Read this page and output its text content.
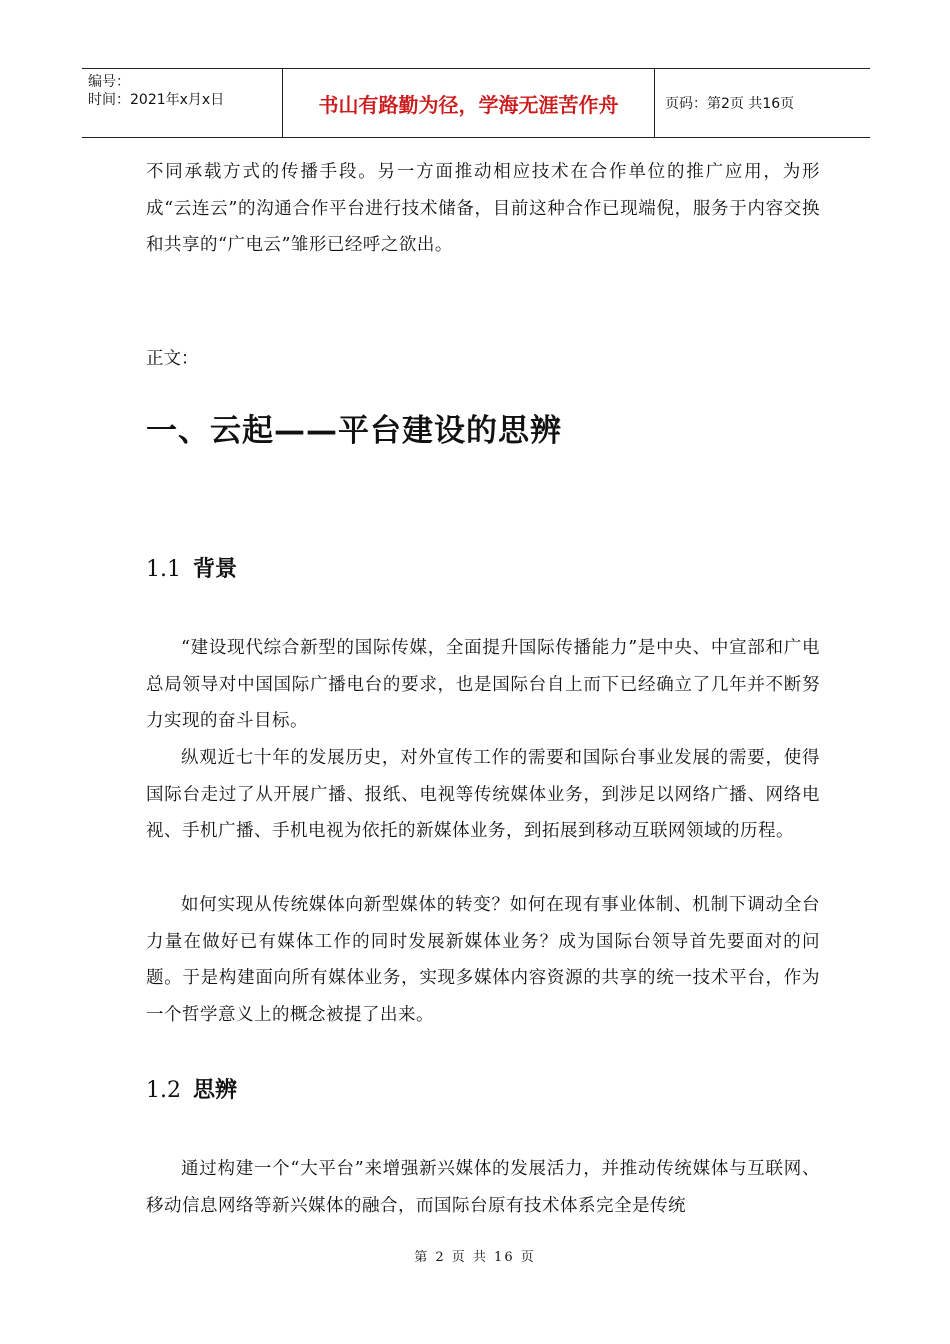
编号：
时间：2021年x月x日	书山有路勤为径，学海无涯苦作舟	页码：第2页 共16页

不同承载方式的传播手段。另一方面推动相应技术在合作单位的推广应用，为形成“云连云”的沟通合作平台进行技术储备，目前这种合作已现端倪，服务于内容交换和共享的“广电云”雏形已经呼之欲出。

正文：
一、云起——平台建设的思辨
1.1 背景

“建设现代综合新型的国际传媒，全面提升国际传播能力”是中央、中宣部和广电总局领导对中国国际广播电台的要求，也是国际台自上而下已经确立了几年并不断努力实现的奋斗目标。

纵观近七十年的发展历史，对外宣传工作的需要和国际台事业发展的需要，使得国际台走过了从开展广播、报纸、电视等传统媒体业务，到涉足以网络广播、网络电视、手机广播、手机电视为依托的新媒体业务，到拓展到移动互联网领域的历程。

如何实现从传统媒体向新型媒体的转变？如何在现有事业体制、机制下调动全台力量在做好已有媒体工作的同时发展新媒体业务？成为国际台领导首先要面对的问题。于是构建面向所有媒体业务，实现多媒体内容资源的共享的统一技术平台，作为一个哲学意义上的概念被提了出来。

1.2 思辨

通过构建一个“大平台”来增强新兴媒体的发展活力，并推动传统媒体与互联网、移动信息网络等新兴媒体的融合，而国际台原有技术体系完全是传统

第 2 页 共 16 页
